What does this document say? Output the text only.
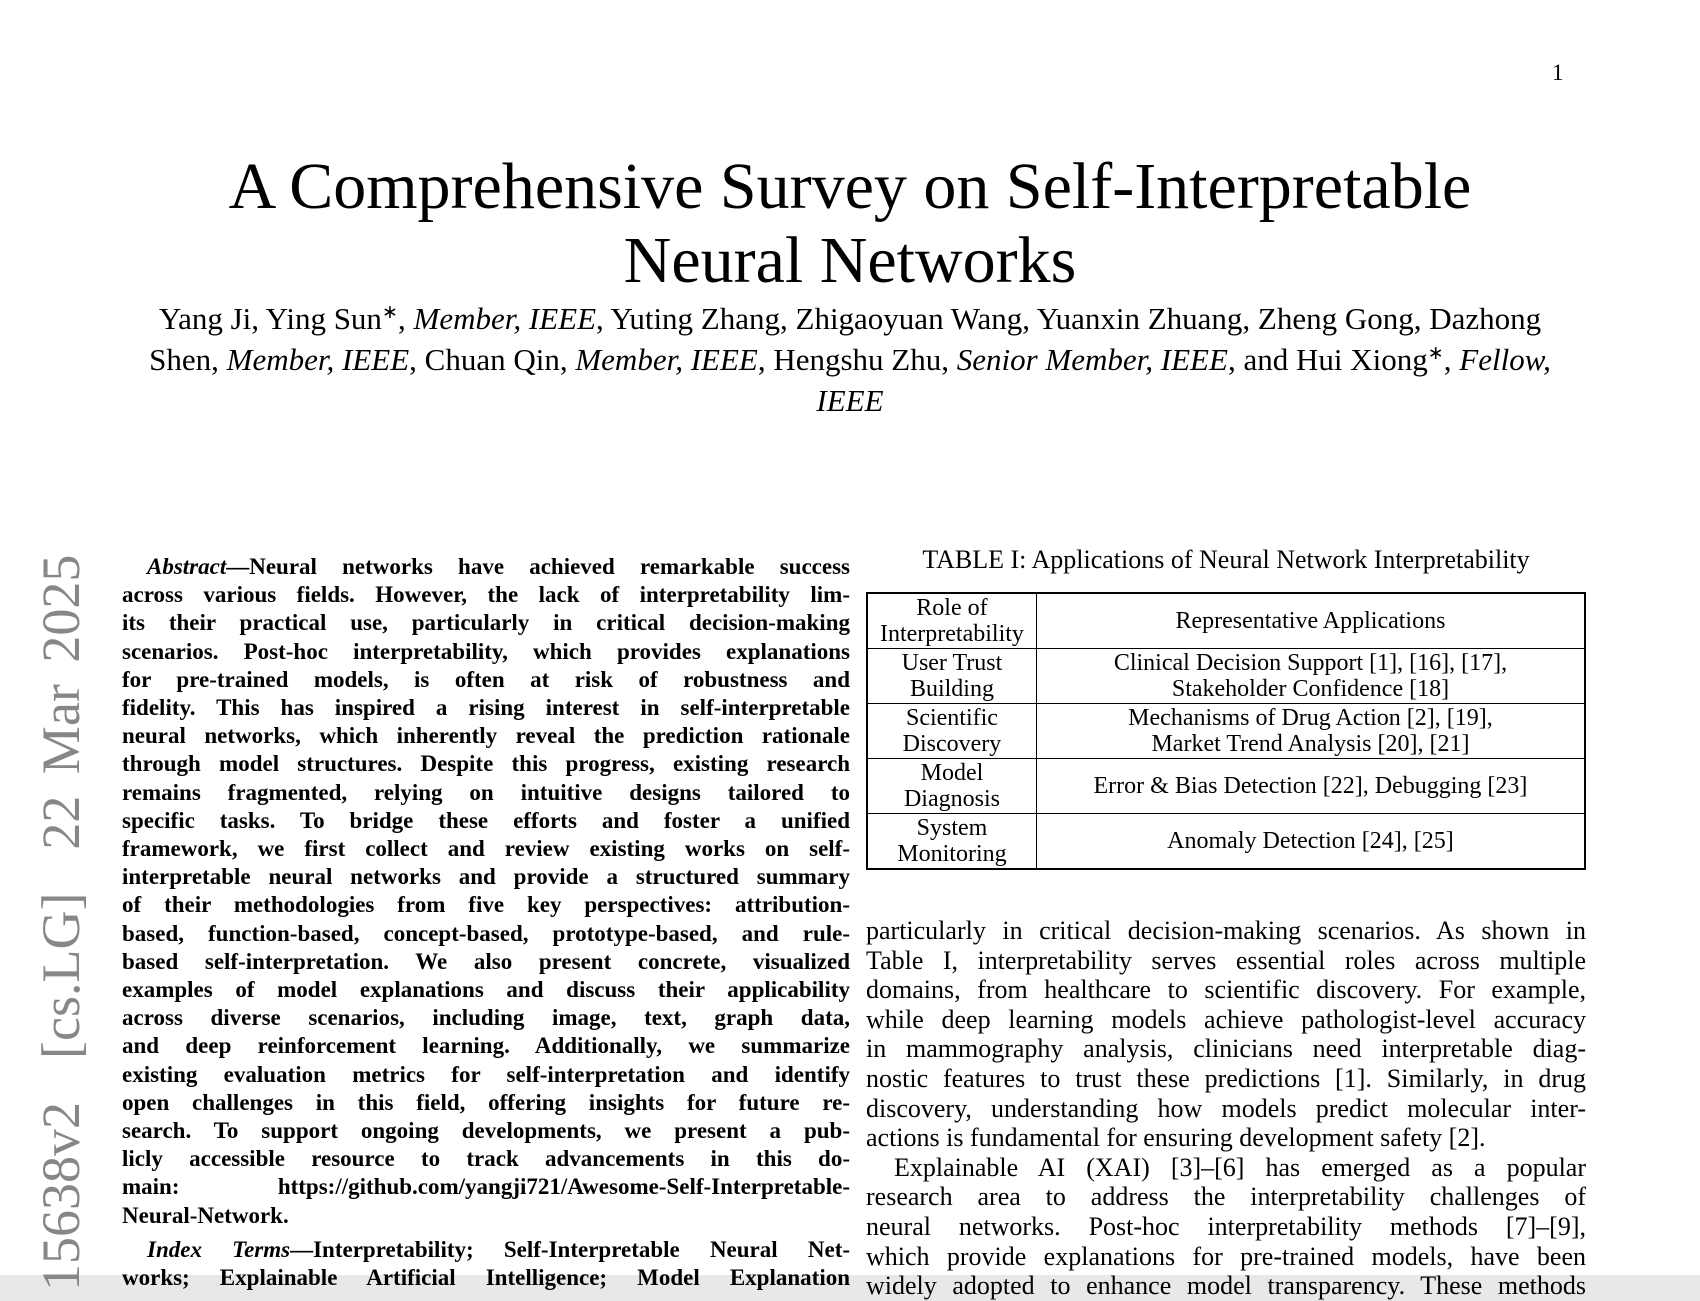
1
15638v2  [cs.LG]  22 Mar 2025
A Comprehensive Survey on Self-Interpretable
Neural Networks
Yang Ji, Ying Sun∗, Member, IEEE, Yuting Zhang, Zhigaoyuan Wang, Yuanxin Zhuang, Zheng Gong, Dazhong
Shen, Member, IEEE, Chuan Qin, Member, IEEE, Hengshu Zhu, Senior Member, IEEE, and Hui Xiong∗, Fellow,
IEEE
Abstract—Neural networks have achieved remarkable success
across various fields. However, the lack of interpretability lim-
its their practical use, particularly in critical decision-making
scenarios. Post-hoc interpretability, which provides explanations
for pre-trained models, is often at risk of robustness and
fidelity. This has inspired a rising interest in self-interpretable
neural networks, which inherently reveal the prediction rationale
through model structures. Despite this progress, existing research
remains fragmented, relying on intuitive designs tailored to
specific tasks. To bridge these efforts and foster a unified
framework, we first collect and review existing works on self-
interpretable neural networks and provide a structured summary
of their methodologies from five key perspectives: attribution-
based, function-based, concept-based, prototype-based, and rule-
based self-interpretation. We also present concrete, visualized
examples of model explanations and discuss their applicability
across diverse scenarios, including image, text, graph data,
and deep reinforcement learning. Additionally, we summarize
existing evaluation metrics for self-interpretation and identify
open challenges in this field, offering insights for future re-
search. To support ongoing developments, we present a pub-
licly accessible resource to track advancements in this do-
main: https://github.com/yangji721/Awesome-Self-Interpretable-
Neural-Network.
Index Terms—Interpretability; Self-Interpretable Neural Net-
works; Explainable Artificial Intelligence; Model Explanation
TABLE I: Applications of Neural Network Interpretability
Role of Interpretability	Representative Applications
User Trust Building	Clinical Decision Support [1], [16], [17],
Stakeholder Confidence [18]
Scientific Discovery	Mechanisms of Drug Action [2], [19],
Market Trend Analysis [20], [21]
Model Diagnosis	Error & Bias Detection [22], Debugging [23]
System Monitoring	Anomaly Detection [24], [25]
particularly in critical decision-making scenarios. As shown in
Table I, interpretability serves essential roles across multiple
domains, from healthcare to scientific discovery. For example,
while deep learning models achieve pathologist-level accuracy
in mammography analysis, clinicians need interpretable diag-
nostic features to trust these predictions [1]. Similarly, in drug
discovery, understanding how models predict molecular inter-
actions is fundamental for ensuring development safety [2].
Explainable AI (XAI) [3]–[6] has emerged as a popular
research area to address the interpretability challenges of
neural networks. Post-hoc interpretability methods [7]–[9],
which provide explanations for pre-trained models, have been
widely adopted to enhance model transparency. These methods
